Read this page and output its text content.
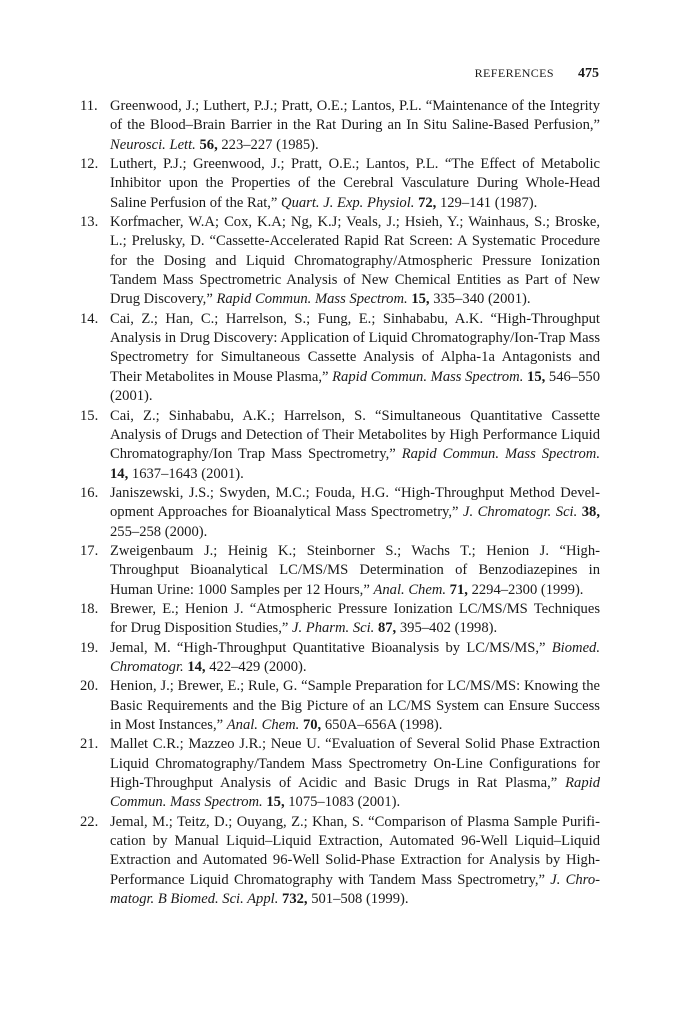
REFERENCES 475
11. Greenwood, J.; Luthert, P.J.; Pratt, O.E.; Lantos, P.L. “Maintenance of the Integrity of the Blood–Brain Barrier in the Rat During an In Situ Saline-Based Perfusion,” Neurosci. Lett. 56, 223–227 (1985).
12. Luthert, P.J.; Greenwood, J.; Pratt, O.E.; Lantos, P.L. “The Effect of Metabolic Inhibitor upon the Properties of the Cerebral Vasculature During Whole-Head Saline Perfusion of the Rat,” Quart. J. Exp. Physiol. 72, 129–141 (1987).
13. Korfmacher, W.A; Cox, K.A; Ng, K.J; Veals, J.; Hsieh, Y.; Wainhaus, S.; Broske, L.; Prelusky, D. “Cassette-Accelerated Rapid Rat Screen: A Systematic Procedure for the Dosing and Liquid Chromatography/Atmospheric Pressure Ionization Tandem Mass Spectrometric Analysis of New Chemical Entities as Part of New Drug Discovery,” Rapid Commun. Mass Spectrom. 15, 335–340 (2001).
14. Cai, Z.; Han, C.; Harrelson, S.; Fung, E.; Sinhababu, A.K. “High-Throughput Analysis in Drug Discovery: Application of Liquid Chromatography/Ion-Trap Mass Spectrometry for Simultaneous Cassette Analysis of Alpha-1a Antagonists and Their Metabolites in Mouse Plasma,” Rapid Commun. Mass Spectrom. 15, 546–550 (2001).
15. Cai, Z.; Sinhababu, A.K.; Harrelson, S. “Simultaneous Quantitative Cassette Analysis of Drugs and Detection of Their Metabolites by High Performance Liquid Chromatography/Ion Trap Mass Spectrometry,” Rapid Commun. Mass Spectrom. 14, 1637–1643 (2001).
16. Janiszewski, J.S.; Swyden, M.C.; Fouda, H.G. “High-Throughput Method Development Approaches for Bioanalytical Mass Spectrometry,” J. Chromatogr. Sci. 38, 255–258 (2000).
17. Zweigenbaum J.; Heinig K.; Steinborner S.; Wachs T.; Henion J. “High-Throughput Bioanalytical LC/MS/MS Determination of Benzodiazepines in Human Urine: 1000 Samples per 12 Hours,” Anal. Chem. 71, 2294–2300 (1999).
18. Brewer, E.; Henion J. “Atmospheric Pressure Ionization LC/MS/MS Techniques for Drug Disposition Studies,” J. Pharm. Sci. 87, 395–402 (1998).
19. Jemal, M. “High-Throughput Quantitative Bioanalysis by LC/MS/MS,” Biomed. Chromatogr. 14, 422–429 (2000).
20. Henion, J.; Brewer, E.; Rule, G. “Sample Preparation for LC/MS/MS: Knowing the Basic Requirements and the Big Picture of an LC/MS System can Ensure Success in Most Instances,” Anal. Chem. 70, 650A–656A (1998).
21. Mallet C.R.; Mazzeo J.R.; Neue U. “Evaluation of Several Solid Phase Extraction Liquid Chromatography/Tandem Mass Spectrometry On-Line Configurations for High-Throughput Analysis of Acidic and Basic Drugs in Rat Plasma,” Rapid Commun. Mass Spectrom. 15, 1075–1083 (2001).
22. Jemal, M.; Teitz, D.; Ouyang, Z.; Khan, S. “Comparison of Plasma Sample Purification by Manual Liquid–Liquid Extraction, Automated 96-Well Liquid–Liquid Extraction and Automated 96-Well Solid-Phase Extraction for Analysis by High-Performance Liquid Chromatography with Tandem Mass Spectrometry,” J. Chromatogr. B Biomed. Sci. Appl. 732, 501–508 (1999).
